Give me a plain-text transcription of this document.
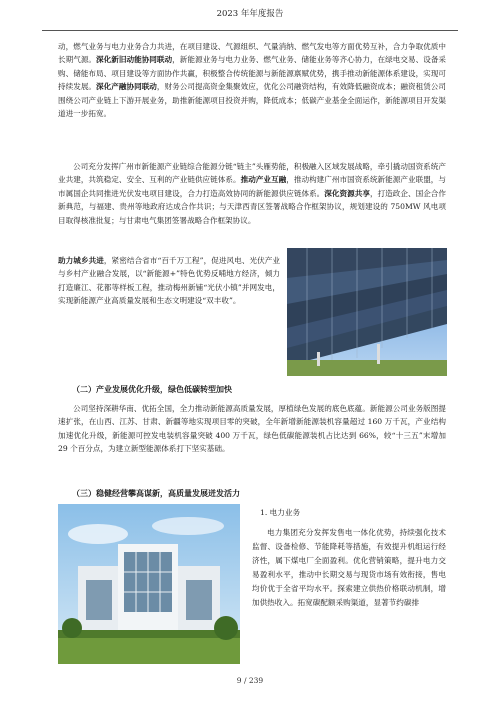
2023 年年度报告

动，燃气业务与电力业务合力共进，在项目建设、气源组织、气量消纳、燃气发电等方面优势互补，合力争取优质中长期气源。深化新旧动能协同联动，新能源业务与电力业务、燃气业务、储能业务等齐心协力，在绿电交易、设备采购、储能布局、项目建设等方面协作共赢，积极整合传统能源与新能源禀赋优势，携手推动新能源体系建设，实现可持续发展。深化产融协同联动，财务公司提高资金集聚效应，优化公司融资结构，有效降低融资成本；融资租赁公司围绕公司产业链上下游开展业务，助推新能源项目投资并购，降低成本；低碳产业基金全面运作，新能源项目开发渠道进一步拓宽。

公司充分发挥广州市新能源产业链综合能源分链“链主”头雁势能，积极融入区域发展战略，牵引撬动国资系统产业共建，共筑稳定、安全、互利的产业链供应链体系。推动产业互融，推动构建广州市国资系统新能源产业联盟，与市属国企共同推进光伏发电项目建设，合力打造高效协同的新能源供应链体系。深化资源共享，打造政企、国企合作新典范，与福建、贵州等地政府达成合作共识；与天津西青区签署战略合作框架协议，规划建设的 750MW 风电项目取得核准批复；与甘肃电气集团签署战略合作框架协议。

助力城乡共进，紧密结合省市“百千万工程”，促进风电、光伏产业与乡村产业融合发展，以“新能源+”特色优势反哺地方经济，倾力打造廉江、花都等样板工程，推动梅州新铺“光伏小镇”并网发电，实现新能源产业高质量发展和生态文明建设“双丰收”。

（二）产业发展优化升级，绿色低碳转型加快

公司坚持深耕华南、优拓全国，全力推动新能源高质量发展，厚植绿色发展的底色底蕴。新能源公司业务版图提速扩张，在山西、江苏、甘肃、新疆等地实现项目零的突破，全年新增新能源装机容量超过 160 万千瓦，产业结构加速优化升级，新能源可控发电装机容量突破 400 万千瓦，绿色低碳能源装机占比达到 66%，较“十三五”末增加 29 个百分点，为建立新型能源体系打下坚实基础。

（三）稳健经营攀高谋新，高质量发展迸发活力
1. 电力业务
电力集团充分发挥发售电一体化优势，持续强化技术监督、设备检修、节能降耗等措施，有效提升机组运行经济性，属下煤电厂全面盈利。优化营销策略，提升电力交易盈利水平，推动中长期交易与现货市场有效衔接，售电均价优于全省平均水平。探索建立供热价格联动机制，增加供热收入。拓宽碳配额采购渠道，显著节约碳排
9 / 239
